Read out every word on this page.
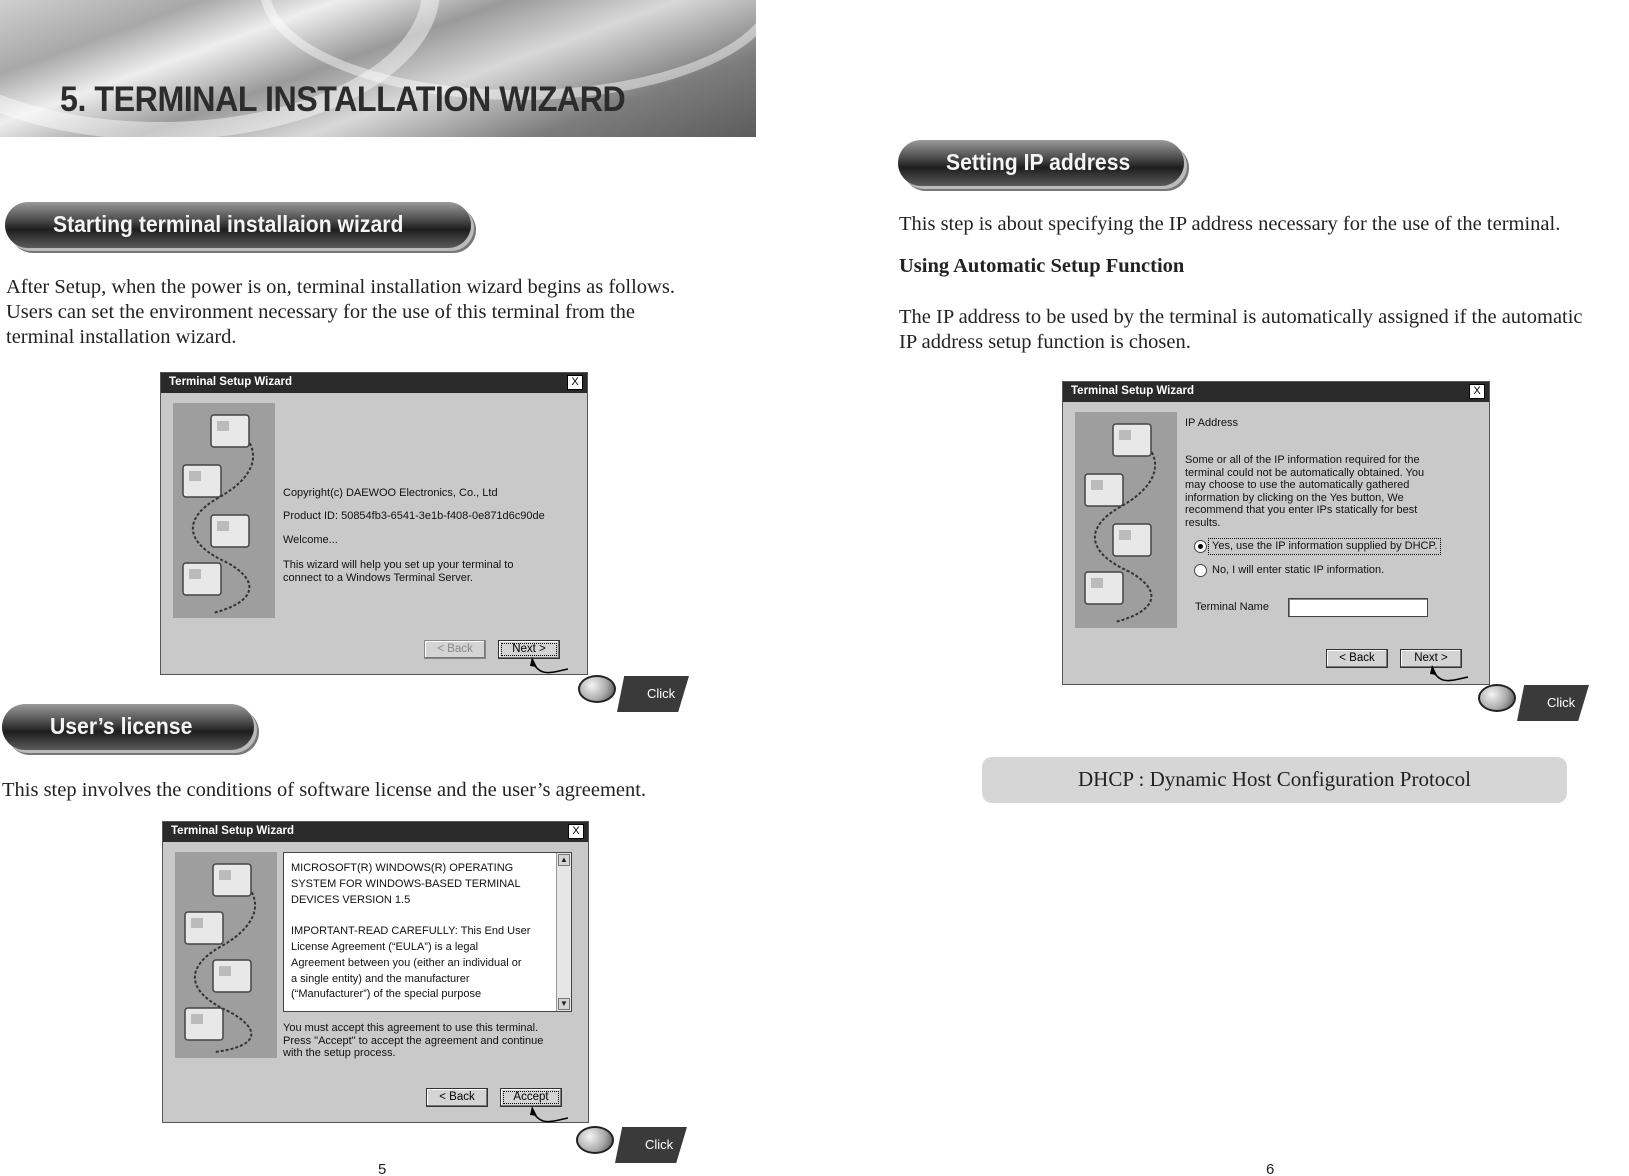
5. TERMINAL INSTALLATION WIZARD
Starting terminal installaion wizard
After Setup, when the power is on, terminal installation wizard begins as follows.
Users can set the environment necessary for the use of this terminal from the
terminal installation wizard.
Terminal Setup Wizard	X
Copyright(c) DAEWOO Electronics, Co., Ltd
Product ID: 50854fb3-6541-3e1b-f408-0e871d6c90de
Welcome...
This wizard will help you set up your terminal to
connect to a Windows Terminal Server.
< Back	Next >
Click
User’s license
This step involves the conditions of software license and the user’s agreement.
Terminal Setup Wizard	X
MICROSOFT(R) WINDOWS(R) OPERATING
SYSTEM FOR WINDOWS-BASED TERMINAL
DEVICES VERSION 1.5
IMPORTANT-READ CAREFULLY: This End User
License Agreement (“EULA”) is a legal
Agreement between you (either an individual or
a single entity) and the manufacturer
(“Manufacturer”) of the special purpose
▲
▼
You must accept this agreement to use this terminal.
Press "Accept" to accept the agreement and continue
with the setup process.
< Back	Accept
Click
5
Setting IP address
This step is about specifying the IP address necessary for the use of the terminal.
Using Automatic Setup Function
The IP address to be used by the terminal is automatically assigned if the automatic
IP address setup function is chosen.
Terminal Setup Wizard	X
IP Address
Some or all of the IP information required for the
terminal could not be automatically obtained. You
may choose to use the automatically gathered
information by clicking on the Yes button, We
recommend that you enter IPs statically for best
results.
Yes, use the IP information supplied by DHCP.
No, I will enter static IP information.
Terminal Name
< Back	Next >
Click
DHCP : Dynamic Host Configuration Protocol
6
